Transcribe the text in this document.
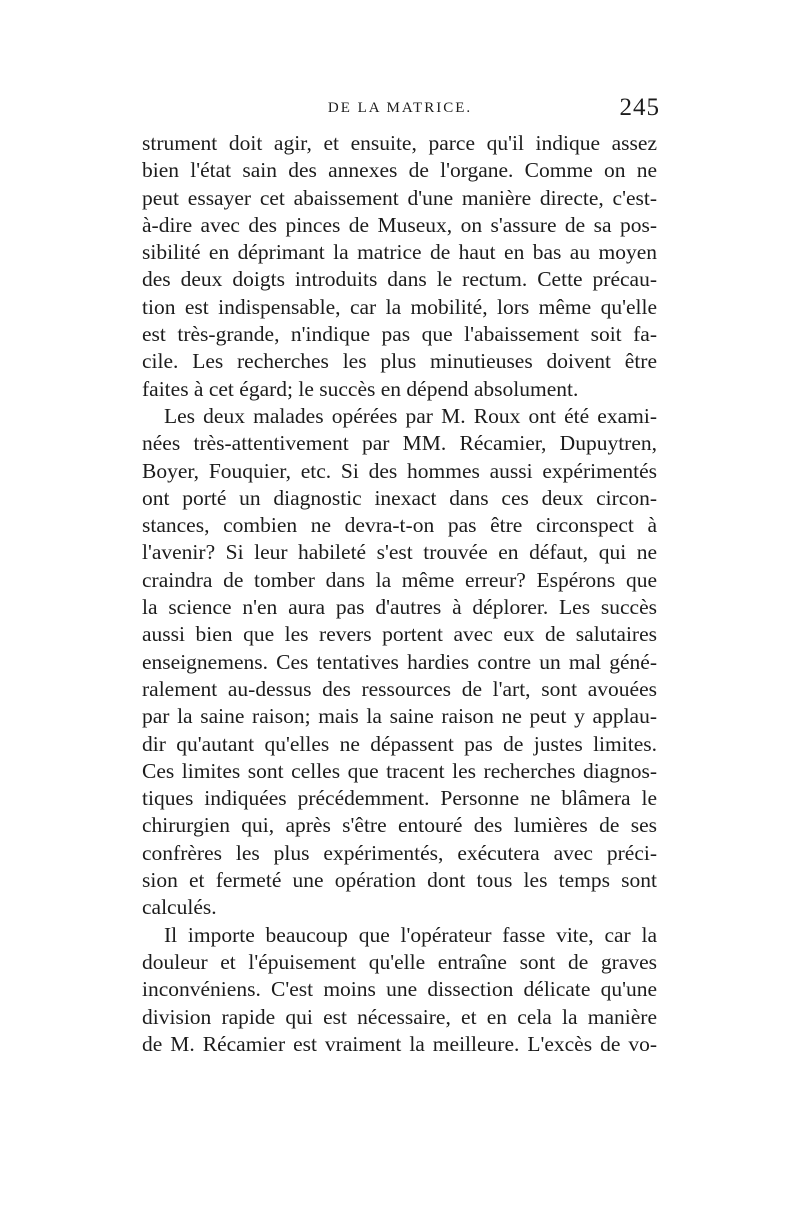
DE LA MATRICE.	245
strument doit agir, et ensuite, parce qu'il indique assez
bien l'état sain des annexes de l'organe. Comme on ne
peut essayer cet abaissement d'une manière directe, c'est-
à-dire avec des pinces de Museux, on s'assure de sa pos-
sibilité en déprimant la matrice de haut en bas au moyen
des deux doigts introduits dans le rectum. Cette précau-
tion est indispensable, car la mobilité, lors même qu'elle
est très-grande, n'indique pas que l'abaissement soit fa-
cile. Les recherches les plus minutieuses doivent être
faites à cet égard; le succès en dépend absolument.
Les deux malades opérées par M. Roux ont été exami-
nées très-attentivement par MM. Récamier, Dupuytren,
Boyer, Fouquier, etc. Si des hommes aussi expérimentés
ont porté un diagnostic inexact dans ces deux circon-
stances, combien ne devra-t-on pas être circonspect à
l'avenir? Si leur habileté s'est trouvée en défaut, qui ne
craindra de tomber dans la même erreur? Espérons que
la science n'en aura pas d'autres à déplorer. Les succès
aussi bien que les revers portent avec eux de salutaires
enseignemens. Ces tentatives hardies contre un mal géné-
ralement au-dessus des ressources de l'art, sont avouées
par la saine raison; mais la saine raison ne peut y applau-
dir qu'autant qu'elles ne dépassent pas de justes limites.
Ces limites sont celles que tracent les recherches diagnos-
tiques indiquées précédemment. Personne ne blâmera le
chirurgien qui, après s'être entouré des lumières de ses
confrères les plus expérimentés, exécutera avec préci-
sion et fermeté une opération dont tous les temps sont
calculés.
Il importe beaucoup que l'opérateur fasse vite, car la
douleur et l'épuisement qu'elle entraîne sont de graves
inconvéniens. C'est moins une dissection délicate qu'une
division rapide qui est nécessaire, et en cela la manière
de M. Récamier est vraiment la meilleure. L'excès de vo-
